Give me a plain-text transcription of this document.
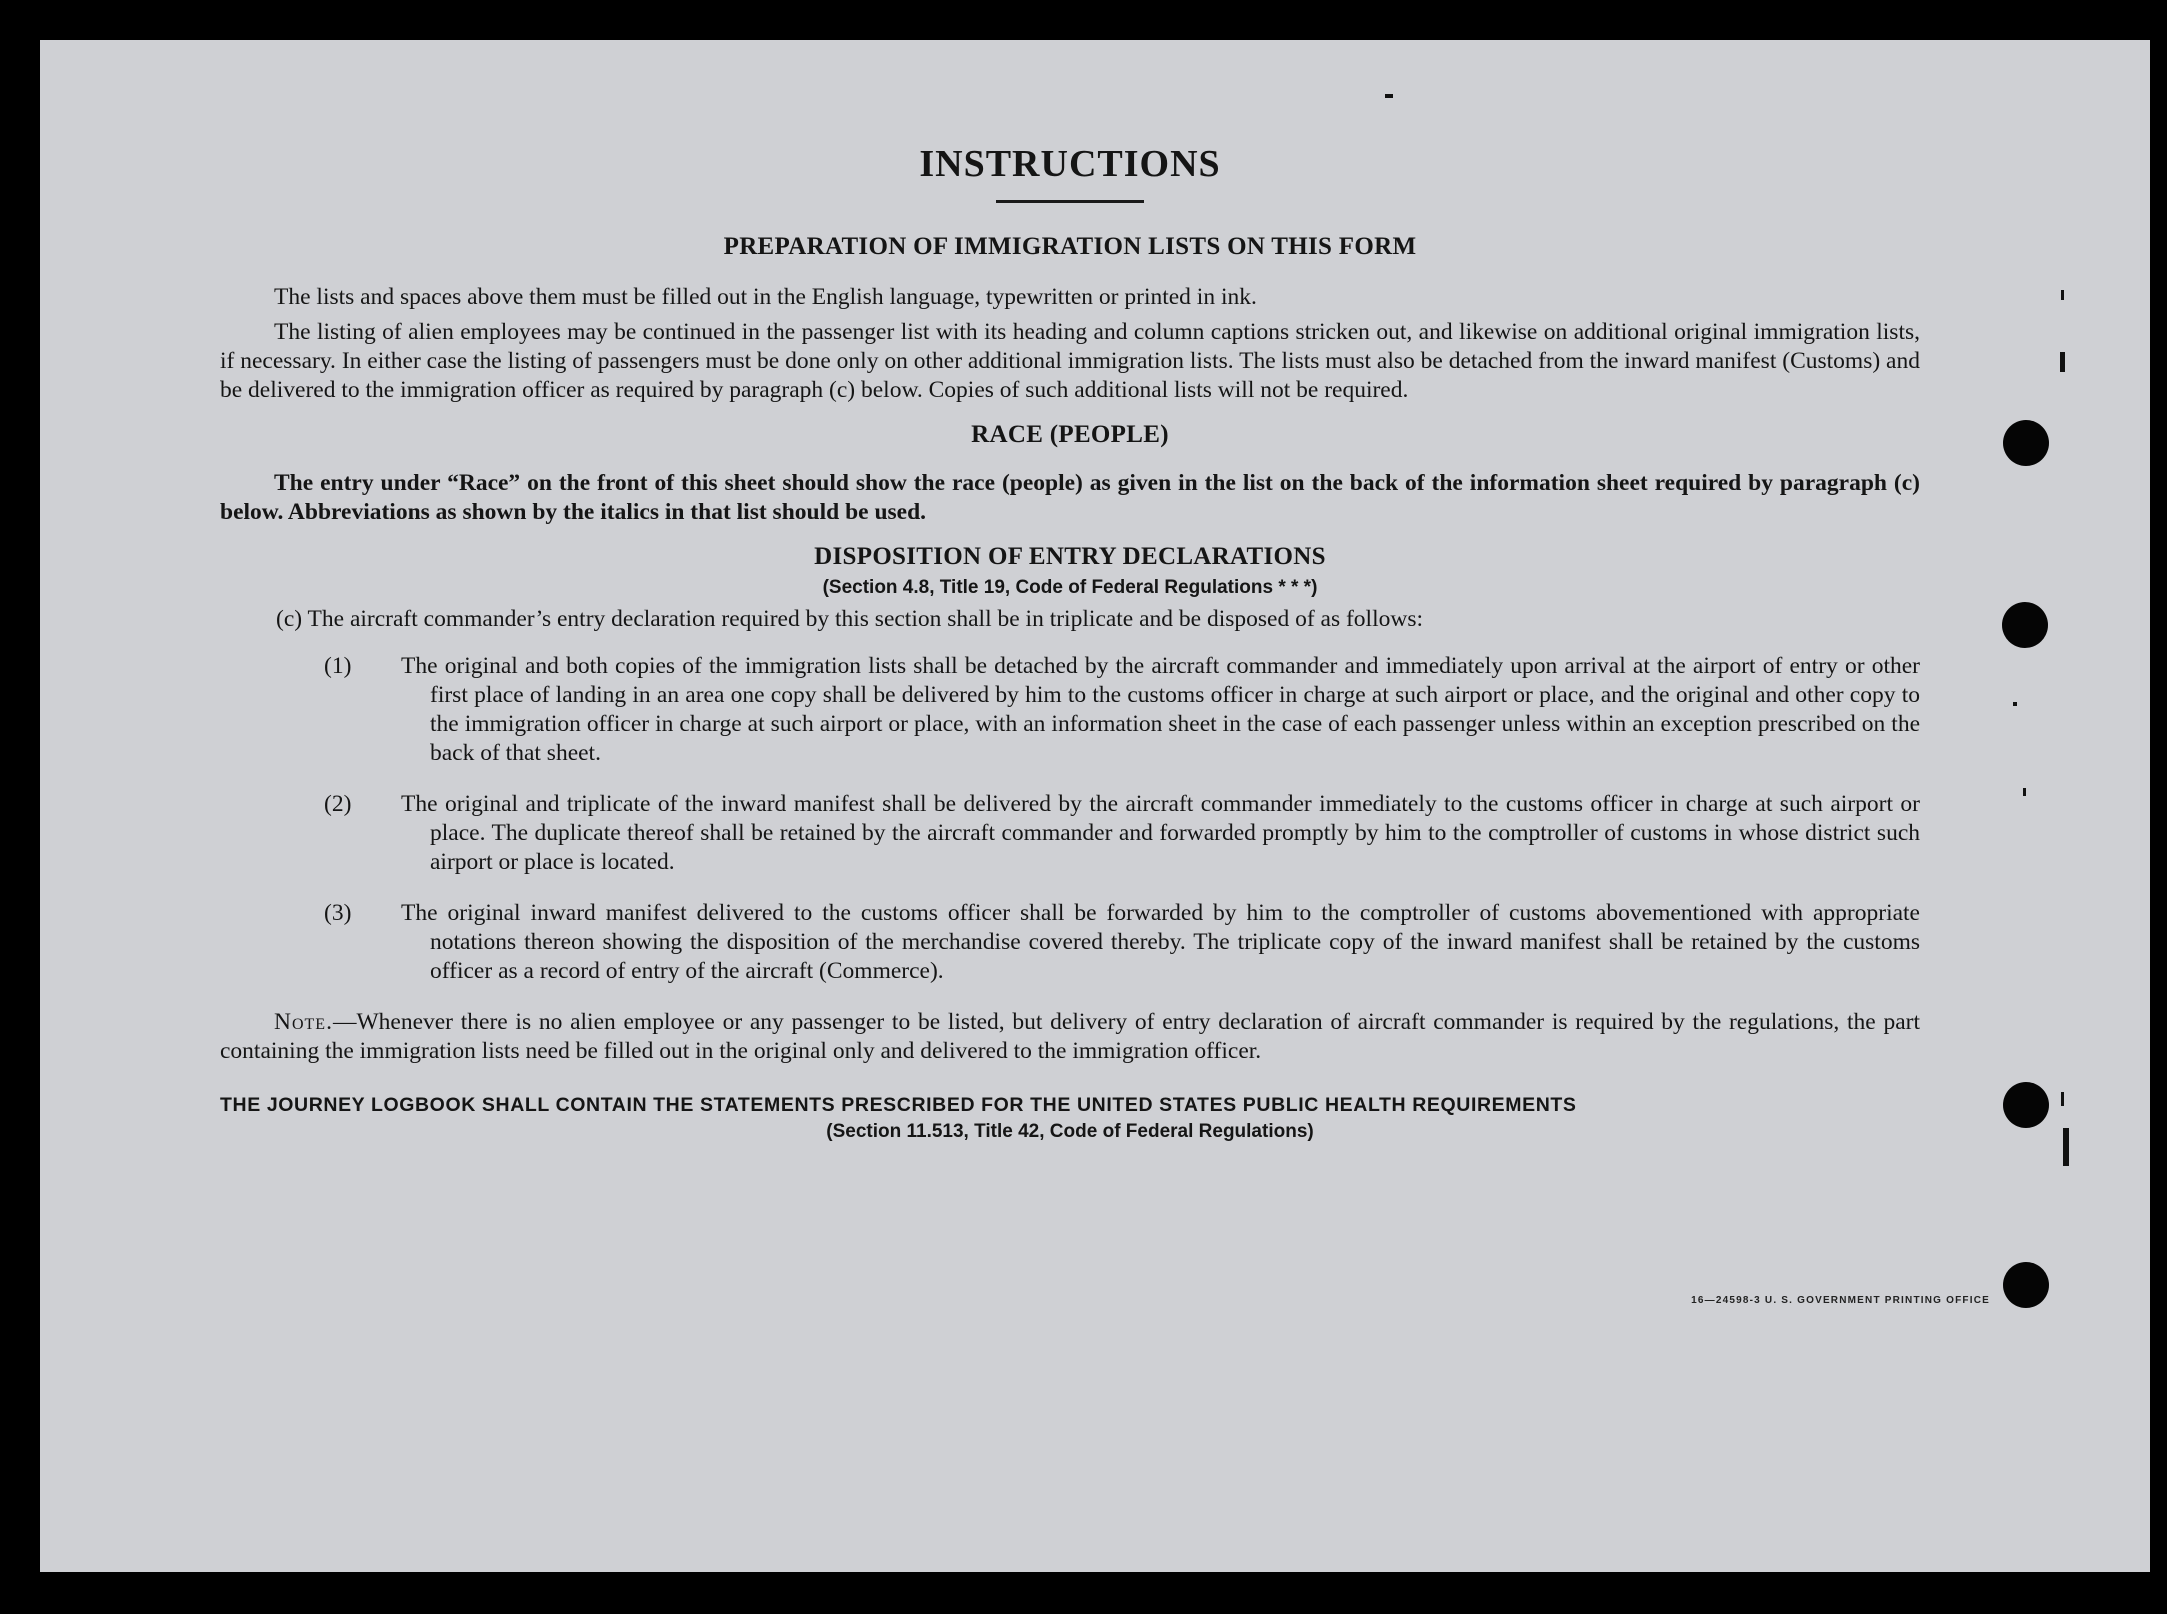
INSTRUCTIONS
PREPARATION OF IMMIGRATION LISTS ON THIS FORM

The lists and spaces above them must be filled out in the English language, typewritten or printed in ink.

The listing of alien employees may be continued in the passenger list with its heading and column captions stricken out, and likewise on additional original immigration lists, if necessary. In either case the listing of passengers must be done only on other additional immigration lists. The lists must also be detached from the inward manifest (Customs) and be delivered to the immigration officer as required by paragraph (c) below. Copies of such additional lists will not be required.

RACE (PEOPLE)

The entry under “Race” on the front of this sheet should show the race (people) as given in the list on the back of the information sheet required by paragraph (c) below. Abbreviations as shown by the italics in that list should be used.

DISPOSITION OF ENTRY DECLARATIONS
(Section 4.8, Title 19, Code of Federal Regulations * * *)
(c) The aircraft commander’s entry declaration required by this section shall be in triplicate and be disposed of as follows:
(1) The original and both copies of the immigration lists shall be detached by the aircraft commander and immediately upon arrival at the airport of entry or other first place of landing in an area one copy shall be delivered by him to the customs officer in charge at such airport or place, and the original and other copy to the immigration officer in charge at such airport or place, with an information sheet in the case of each passenger unless within an exception prescribed on the back of that sheet.
(2) The original and triplicate of the inward manifest shall be delivered by the aircraft commander immediately to the customs officer in charge at such airport or place. The duplicate thereof shall be retained by the aircraft commander and forwarded promptly by him to the comptroller of customs in whose district such airport or place is located.
(3) The original inward manifest delivered to the customs officer shall be forwarded by him to the comptroller of customs abovementioned with appropriate notations thereon showing the disposition of the merchandise covered thereby. The triplicate copy of the inward manifest shall be retained by the customs officer as a record of entry of the aircraft (Commerce).

Note.—Whenever there is no alien employee or any passenger to be listed, but delivery of entry declaration of aircraft commander is required by the regulations, the part containing the immigration lists need be filled out in the original only and delivered to the immigration officer.

THE JOURNEY LOGBOOK SHALL CONTAIN THE STATEMENTS PRESCRIBED FOR THE UNITED STATES PUBLIC HEALTH REQUIREMENTS
(Section 11.513, Title 42, Code of Federal Regulations)
16—24598-3 U. S. GOVERNMENT PRINTING OFFICE
